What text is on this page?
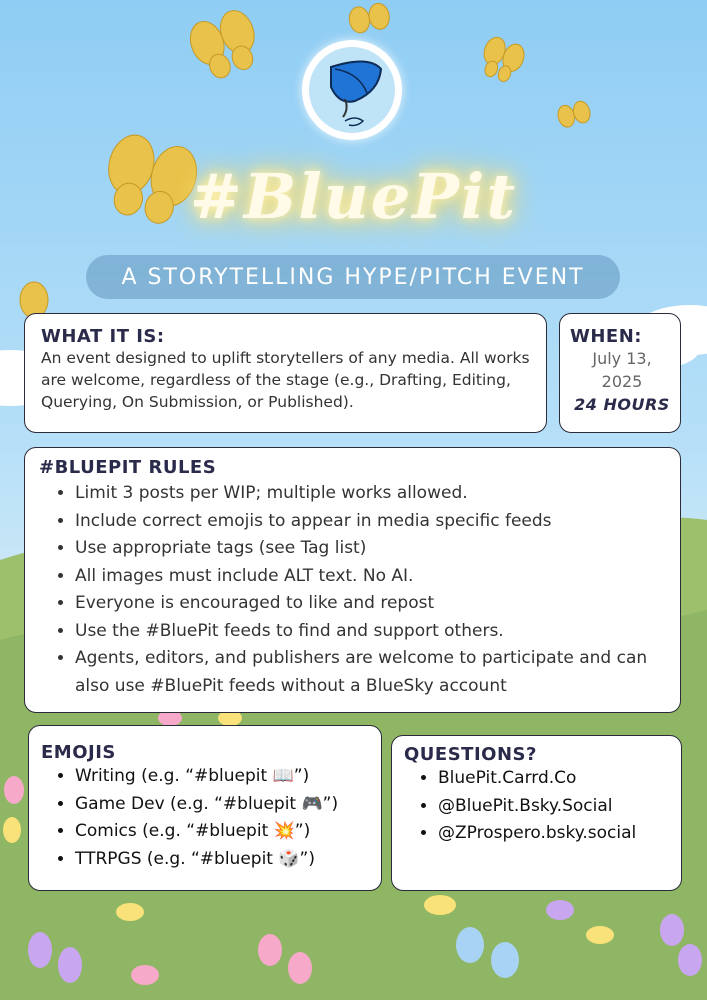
#BluePit
A STORYTELLING HYPE/PITCH EVENT
WHAT IT IS:
An event designed to uplift storytellers of any media. All works are welcome, regardless of the stage (e.g., Drafting, Editing, Querying, On Submission, or Published).
WHEN:
July 13,
2025
24 HOURS
#BLUEPIT RULES
• Limit 3 posts per WIP; multiple works allowed.
• Include correct emojis to appear in media specific feeds
• Use appropriate tags (see Tag list)
• All images must include ALT text. No AI.
• Everyone is encouraged to like and repost
• Use the #BluePit feeds to find and support others.
• Agents, editors, and publishers are welcome to participate and can also use #BluePit feeds without a BlueSky account
EMOJIS
• Writing (e.g. “#bluepit 📖”)
• Game Dev (e.g. “#bluepit 🎮”)
• Comics (e.g. “#bluepit 💥”)
• TTRPGS (e.g. “#bluepit 🎲”)
QUESTIONS?
• BluePit.Carrd.Co
• @BluePit.Bsky.Social
• @ZProspero.bsky.social
